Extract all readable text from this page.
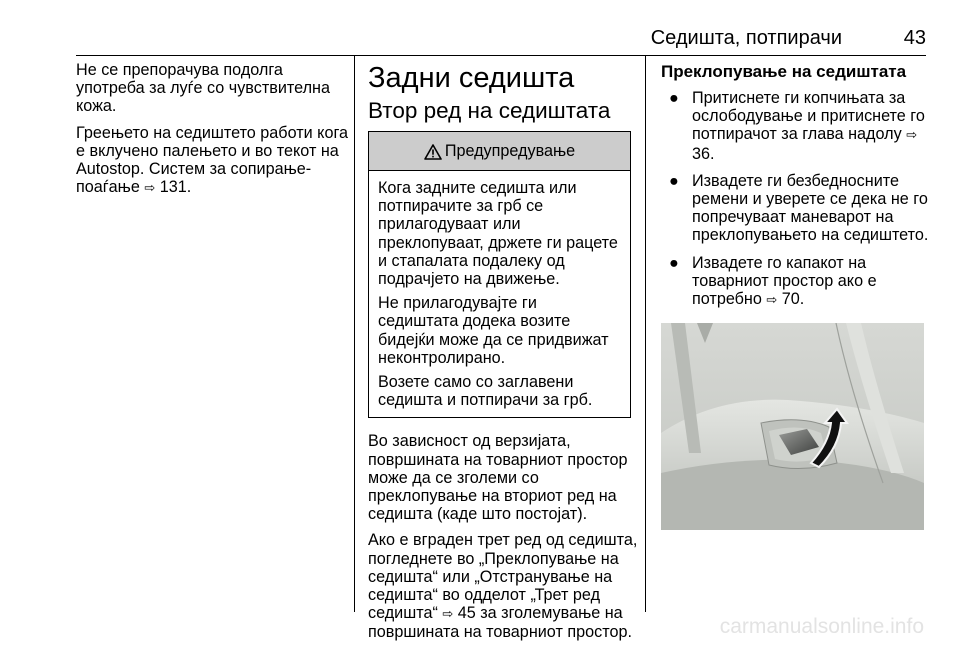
Седишта, потпирачи	43

Не се препорачува подолга употреба за луѓе со чувствителна кожа.

Греењето на седиштето работи кога е вклучено палењето и во текот на Autostop. Систем за сопирање-поаѓање ⇨ 131.

Задни седишта
Втор ред на седиштата
Предупредување

Кога задните седишта или потпирачите за грб се прилагодуваат или преклопуваат, држете ги рацете и стапалата подалеку од подрачјето на движење.

Не прилагодувајте ги седиштата додека возите бидејќи може да се придвижат неконтролирано.

Возете само со заглавени седишта и потпирачи за грб.

Во зависност од верзијата, површината на товарниот простор може да се зголеми со преклопување на вториот ред на седишта (каде што постојат).

Ако е вграден трет ред од седишта, погледнете во „Преклопување на седишта“ или „Отстранување на седишта“ во одделот „Трет ред седишта“ ⇨ 45 за зголемување на површината на товарниот простор.

Преклопување на седиштата
● Притиснете ги копчињата за ослободување и притиснете го потпирачот за глава надолу ⇨ 36.
● Извадете ги безбедносните ремени и уверете се дека не го попречуваат маневарот на преклопувањето на седиштето.
● Извадете го капакот на товарниот простор ако е потребно ⇨ 70.
carmanualsonline.info
